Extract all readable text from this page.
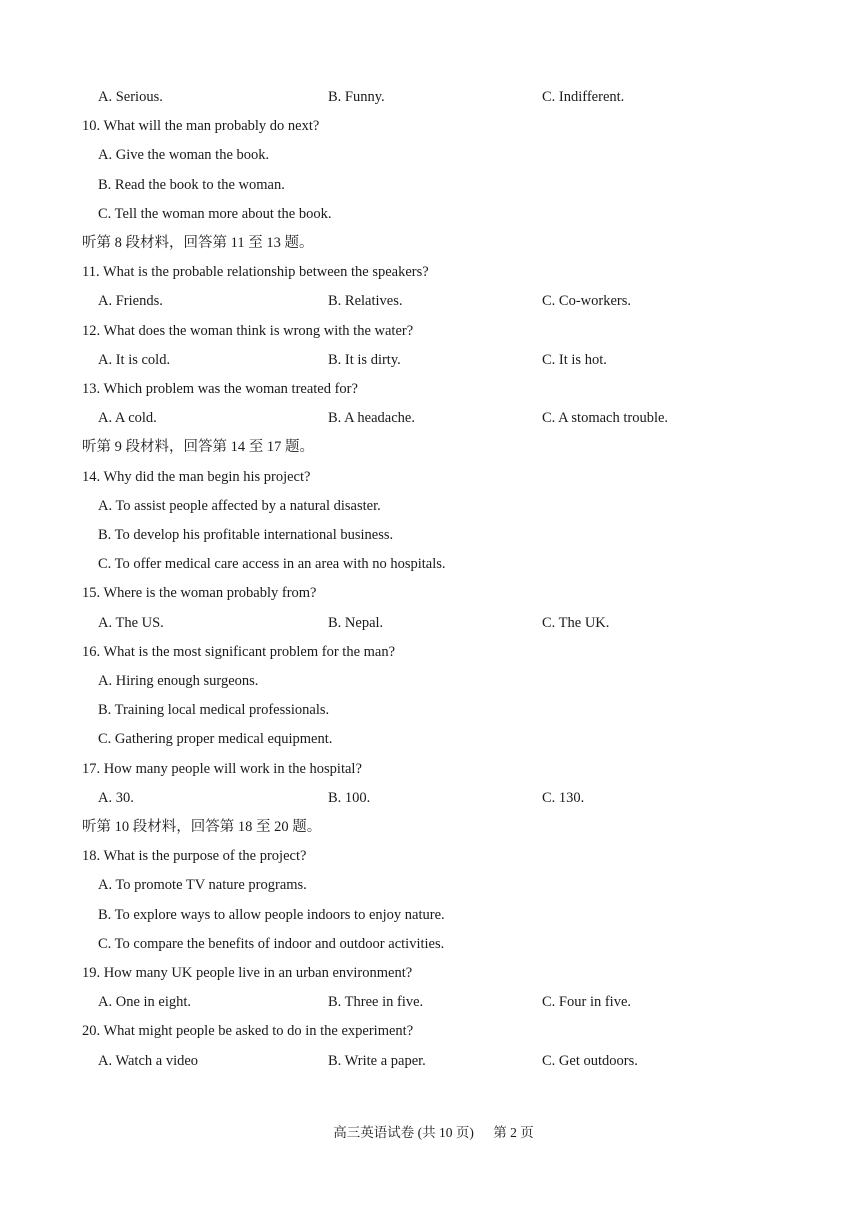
A. Serious.	B. Funny.	C. Indifferent.
10. What will the man probably do next?
A. Give the woman the book.
B. Read the book to the woman.
C. Tell the woman more about the book.
听第 8 段材料，回答第 11 至 13 题。
11. What is the probable relationship between the speakers?
A. Friends.	B. Relatives.	C. Co-workers.
12. What does the woman think is wrong with the water?
A. It is cold.	B. It is dirty.	C. It is hot.
13. Which problem was the woman treated for?
A. A cold.	B. A headache.	C. A stomach trouble.
听第 9 段材料，回答第 14 至 17 题。
14. Why did the man begin his project?
A. To assist people affected by a natural disaster.
B. To develop his profitable international business.
C. To offer medical care access in an area with no hospitals.
15. Where is the woman probably from?
A. The US.	B. Nepal.	C. The UK.
16. What is the most significant problem for the man?
A. Hiring enough surgeons.
B. Training local medical professionals.
C. Gathering proper medical equipment.
17. How many people will work in the hospital?
A. 30.	B. 100.	C. 130.
听第 10 段材料，回答第 18 至 20 题。
18. What is the purpose of the project?
A. To promote TV nature programs.
B. To explore ways to allow people indoors to enjoy nature.
C. To compare the benefits of indoor and outdoor activities.
19. How many UK people live in an urban environment?
A. One in eight.	B. Three in five.	C. Four in five.
20. What might people be asked to do in the experiment?
A. Watch a video	B. Write a paper.	C. Get outdoors.
高三英语试卷 (共 10 页) 第 2 页
